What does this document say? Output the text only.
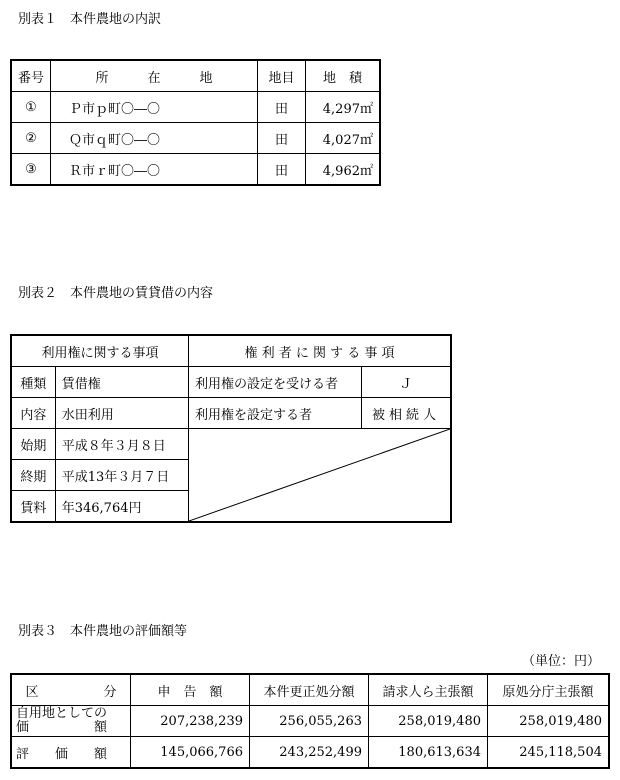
別表１　本件農地の内訳
番号	所　　　在　　　地	地目	地　積
①	Ｐ市ｐ町〇―〇	田	4,297㎡
②	Ｑ市ｑ町〇―〇	田	4,027㎡
③	Ｒ市ｒ町〇―〇	田	4,962㎡
別表２　本件農地の賃貸借の内容
利用権に関する事項		権 利 者 に 関 す る 事 項	
種類	賃借権	利用権の設定を受ける者	Ｊ
内容	水田利用	利用権を設定する者	被相続人
始期	平成８年３月８日	

終期	平成13年３月７日		
賃料	年346,764円		
別表３　本件農地の評価額等
（単位：円）
区　　　　　分	申　告　額	本件更正処分額	請求人ら主張額	原処分庁主張額

自用地としての
価　　　　　額	207,238,239	256,055,263	258,019,480	258,019,480
評　　価　　額	145,066,766	243,252,499	180,613,634	245,118,504
